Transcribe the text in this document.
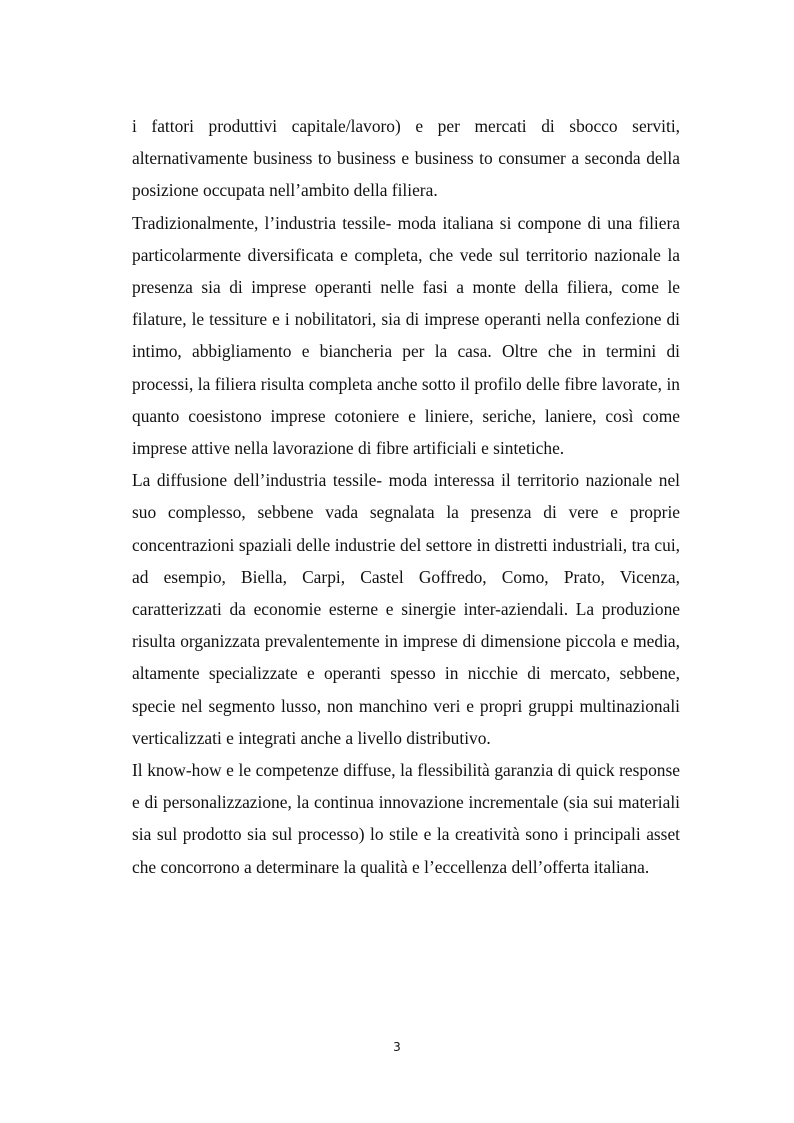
i fattori produttivi capitale/lavoro) e per mercati di sbocco serviti, alternativamente business to business e business to consumer a seconda della posizione occupata nell’ambito della filiera.

Tradizionalmente, l’industria tessile- moda italiana si compone di una filiera particolarmente diversificata e completa, che vede sul territorio nazionale la presenza sia di imprese operanti nelle fasi a monte della filiera, come le filature, le tessiture e i nobilitatori, sia di imprese operanti nella confezione di intimo, abbigliamento e biancheria per la casa. Oltre che in termini di processi, la filiera risulta completa anche sotto il profilo delle fibre lavorate, in quanto coesistono imprese cotoniere e liniere, seriche, laniere, così come imprese attive nella lavorazione di fibre artificiali e sintetiche.

La diffusione dell’industria tessile- moda interessa il territorio nazionale nel suo complesso, sebbene vada segnalata la presenza di vere e proprie concentrazioni spaziali delle industrie del settore in distretti industriali, tra cui, ad esempio, Biella, Carpi, Castel Goffredo, Como, Prato, Vicenza, caratterizzati da economie esterne e sinergie inter-aziendali. La produzione risulta organizzata prevalentemente in imprese di dimensione piccola e media, altamente specializzate e operanti spesso in nicchie di mercato, sebbene, specie nel segmento lusso, non manchino veri e propri gruppi multinazionali verticalizzati e integrati anche a livello distributivo.

Il know-how e le competenze diffuse, la flessibilità garanzia di quick response e di personalizzazione, la continua innovazione incrementale (sia sui materiali sia sul prodotto sia sul processo) lo stile e la creatività sono i principali asset che concorrono a determinare la qualità e l’eccellenza dell’offerta italiana.

3
